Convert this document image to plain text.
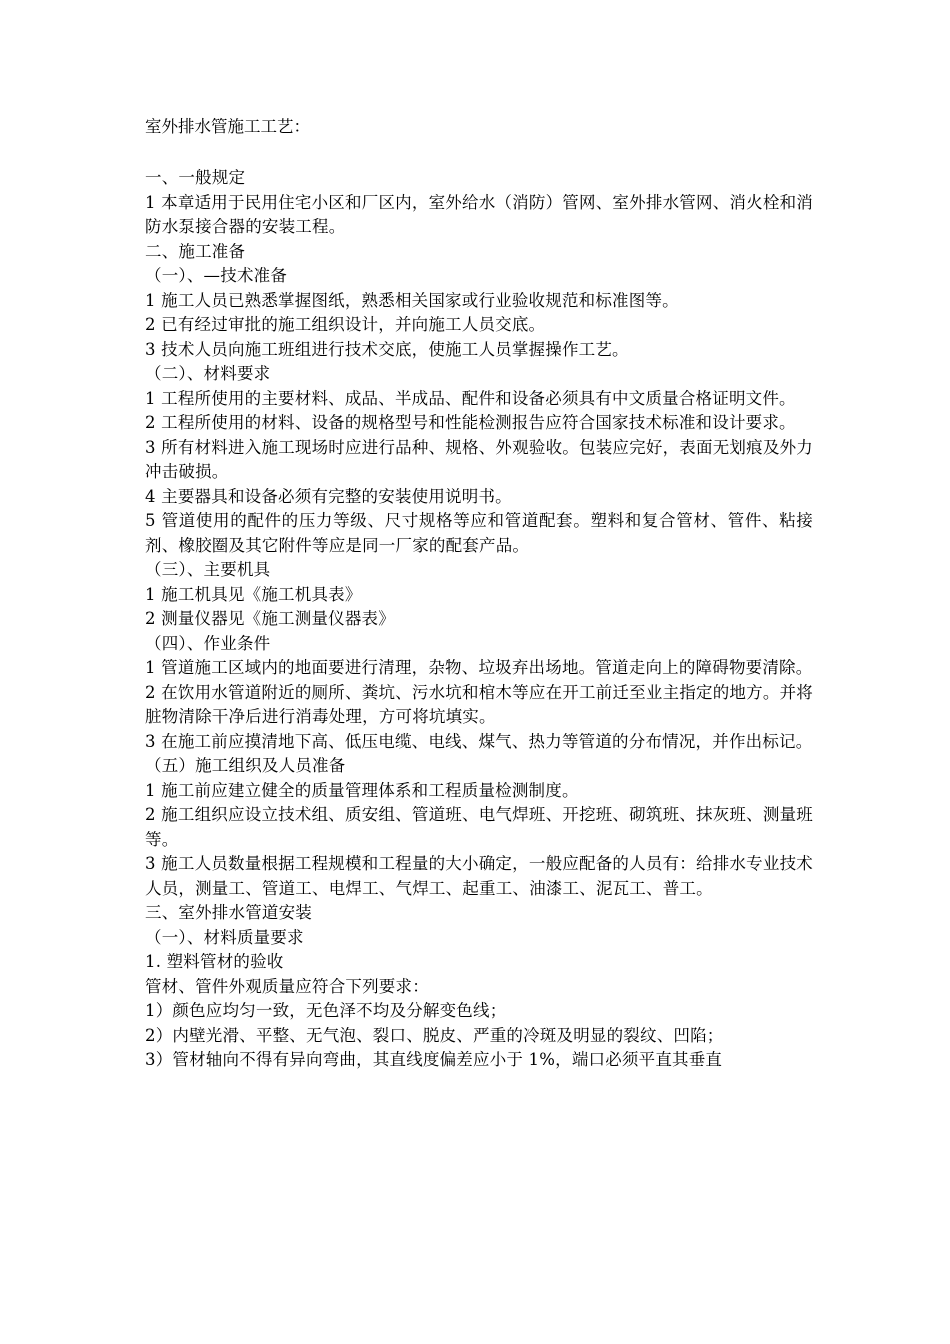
室外排水管施工工艺：
一、一般规定
1 本章适用于民用住宅小区和厂区内，室外给水（消防）管网、室外排水管网、消火栓和消防水泵接合器的安装工程。
二、施工准备
（一）、—技术准备
1 施工人员已熟悉掌握图纸，熟悉相关国家或行业验收规范和标准图等。
2 已有经过审批的施工组织设计，并向施工人员交底。
3 技术人员向施工班组进行技术交底，使施工人员掌握操作工艺。
（二）、材料要求
1 工程所使用的主要材料、成品、半成品、配件和设备必须具有中文质量合格证明文件。
2 工程所使用的材料、设备的规格型号和性能检测报告应符合国家技术标准和设计要求。
3 所有材料进入施工现场时应进行品种、规格、外观验收。包装应完好，表面无划痕及外力冲击破损。
4 主要器具和设备必须有完整的安装使用说明书。
5 管道使用的配件的压力等级、尺寸规格等应和管道配套。塑料和复合管材、管件、粘接剂、橡胶圈及其它附件等应是同一厂家的配套产品。
（三）、主要机具
1 施工机具见《施工机具表》
2 测量仪器见《施工测量仪器表》
（四）、作业条件
1 管道施工区域内的地面要进行清理，杂物、垃圾弃出场地。管道走向上的障碍物要清除。
2 在饮用水管道附近的厕所、粪坑、污水坑和棺木等应在开工前迁至业主指定的地方。并将脏物清除干净后进行消毒处理，方可将坑填实。
3 在施工前应摸清地下高、低压电缆、电线、煤气、热力等管道的分布情况，并作出标记。
（五）施工组织及人员准备
1 施工前应建立健全的质量管理体系和工程质量检测制度。
2 施工组织应设立技术组、质安组、管道班、电气焊班、开挖班、砌筑班、抹灰班、测量班等。
3 施工人员数量根据工程规模和工程量的大小确定，一般应配备的人员有：给排水专业技术人员，测量工、管道工、电焊工、气焊工、起重工、油漆工、泥瓦工、普工。
三、室外排水管道安装
（一）、材料质量要求
1. 塑料管材的验收
管材、管件外观质量应符合下列要求：
1）颜色应均匀一致，无色泽不均及分解变色线；
2）内壁光滑、平整、无气泡、裂口、脱皮、严重的冷斑及明显的裂纹、凹陷；
3）管材轴向不得有异向弯曲，其直线度偏差应小于 1%，端口必须平直其垂直
